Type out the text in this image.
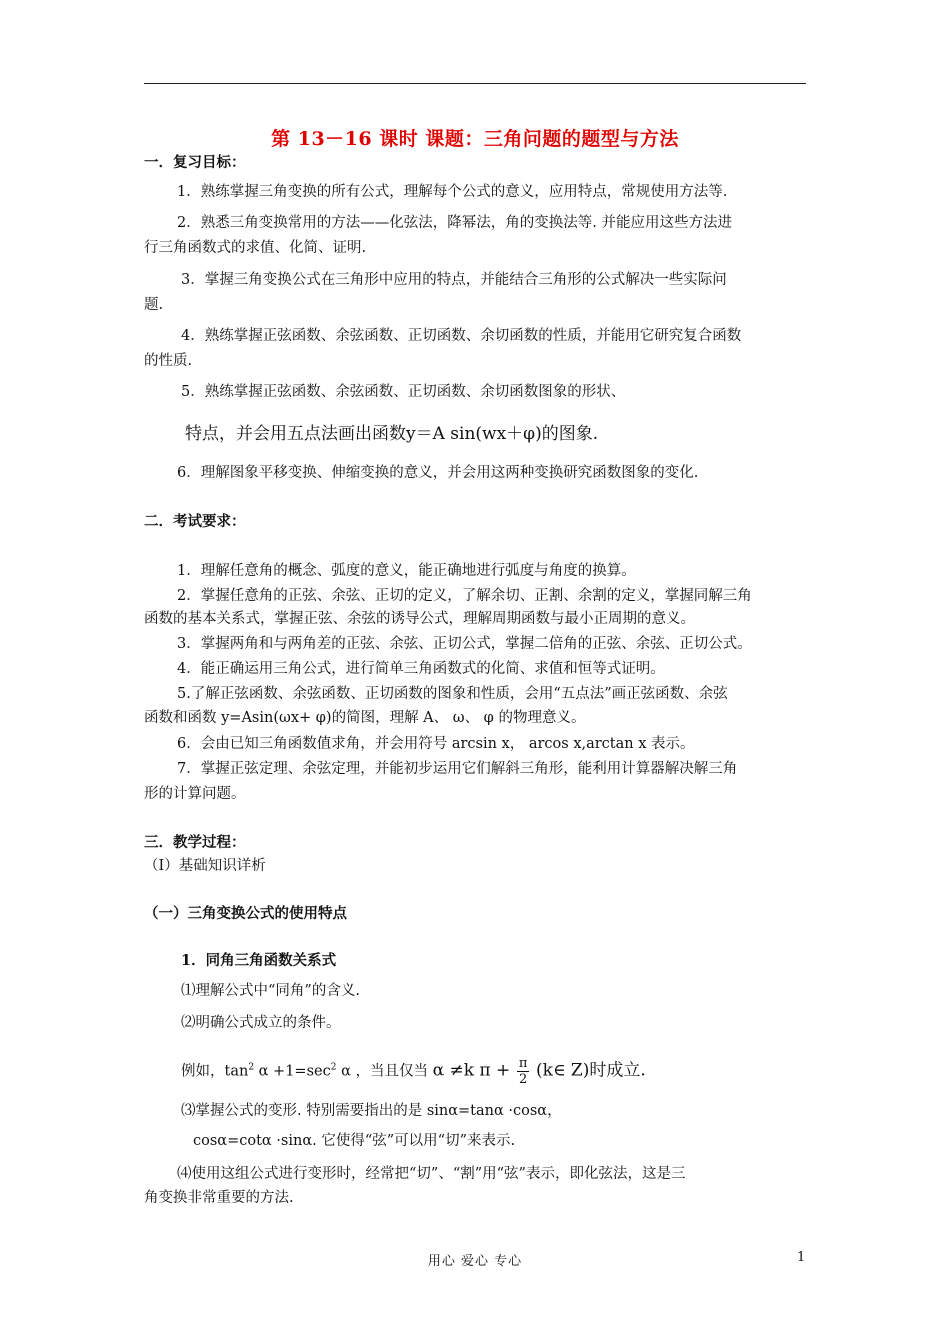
第 13－16 课时 课题：三角问题的题型与方法
一．复习目标：
1．熟练掌握三角变换的所有公式，理解每个公式的意义，应用特点，常规使用方法等.
2．熟悉三角变换常用的方法——化弦法，降幂法，角的变换法等. 并能应用这些方法进
行三角函数式的求值、化简、证明.
3．掌握三角变换公式在三角形中应用的特点，并能结合三角形的公式解决一些实际问
题.
4．熟练掌握正弦函数、余弦函数、正切函数、余切函数的性质，并能用它研究复合函数
的性质.
5．熟练掌握正弦函数、余弦函数、正切函数、余切函数图象的形状、
特点，并会用五点法画出函数y＝A sin(wx＋φ)的图象.
6．理解图象平移变换、伸缩变换的意义，并会用这两种变换研究函数图象的变化.
二．考试要求：
1．理解任意角的概念、弧度的意义，能正确地进行弧度与角度的换算。
2．掌握任意角的正弦、余弦、正切的定义，了解余切、正割、余割的定义，掌握同解三角
函数的基本关系式，掌握正弦、余弦的诱导公式，理解周期函数与最小正周期的意义。
3．掌握两角和与两角差的正弦、余弦、正切公式，掌握二倍角的正弦、余弦、正切公式。
4．能正确运用三角公式，进行简单三角函数式的化简、求值和恒等式证明。
5.了解正弦函数、余弦函数、正切函数的图象和性质，会用“五点法”画正弦函数、余弦
函数和函数 y=Asin(ωx+ φ)的简图，理解 A、 ω、 φ 的物理意义。
6．会由已知三角函数值求角，并会用符号 arcsin x， arcos x,arctan x 表示。
7．掌握正弦定理、余弦定理，并能初步运用它们解斜三角形，能利用计算器解决解三角
形的计算问题。
三．教学过程：
（Ⅰ）基础知识详析
（一）三角变换公式的使用特点
1．同角三角函数关系式
⑴理解公式中“同角”的含义.
⑵明确公式成立的条件。
例如，$\tan^2 \alpha +1=\sec^2$ α ，当且仅当 α ≠k $\pi + \frac{\pi}{2}$ (k∈ Z)时成立.
⑶掌握公式的变形. 特别需要指出的是 sinα=tanα ·cosα，
cosα=cotα ·sinα. 它使得“弦”可以用“切”来表示.
⑷使用这组公式进行变形时，经常把“切”、“割”用“弦”表示，即化弦法，这是三
角变换非常重要的方法.
用心 爱心 专心	1
